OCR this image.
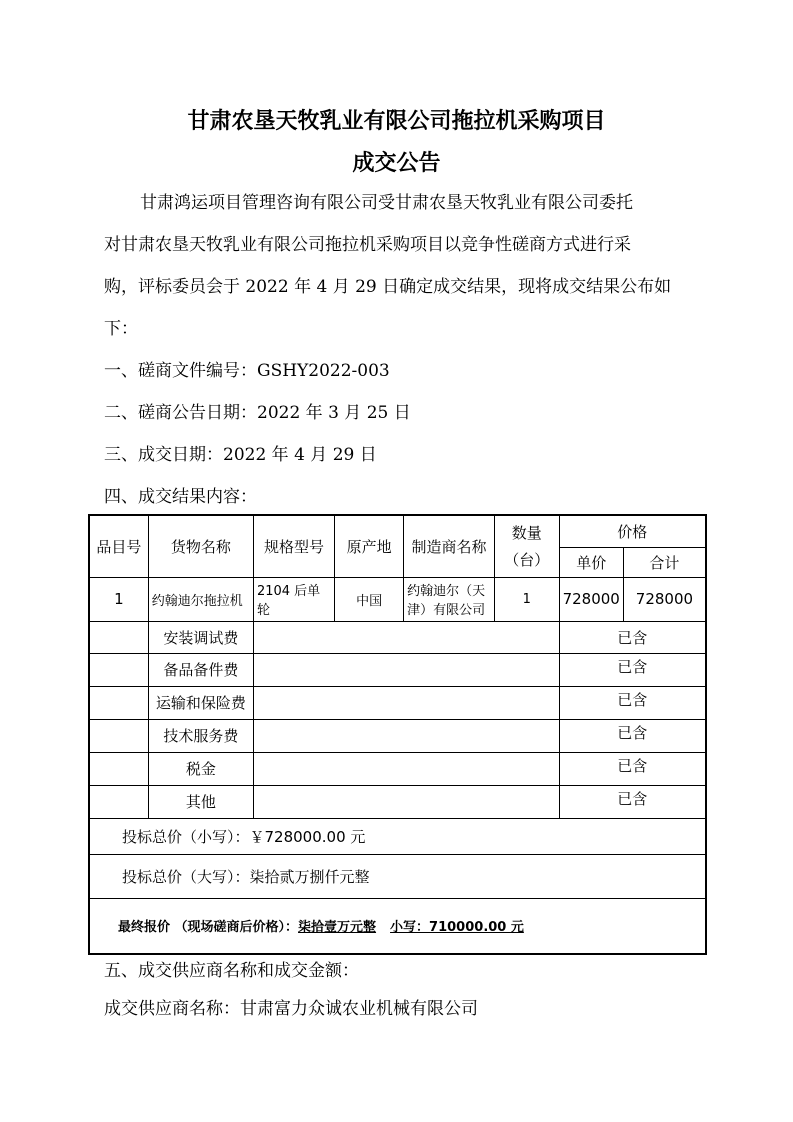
甘肃农垦天牧乳业有限公司拖拉机采购项目
成交公告
甘肃鸿运项目管理咨询有限公司受甘肃农垦天牧乳业有限公司委托
对甘肃农垦天牧乳业有限公司拖拉机采购项目以竞争性磋商方式进行采
购，评标委员会于 2022 年 4 月 29 日确定成交结果，现将成交结果公布如
下：
一、磋商文件编号：GSHY2022-003
二、磋商公告日期：2022 年 3 月 25 日
三、成交日期：2022 年 4 月 29 日
四、成交结果内容：
品目号	货物名称	规格型号	原产地	制造商名称	数量
（台）	价格	
						单价	合计
1	约翰迪尔拖拉机	2104 后单轮	中国	约翰迪尔（天
津）有限公司	1	728000	728000
	安装调试费					已含	
	备品备件费					已含	
	运输和保险费					已含	
	技术服务费					已含	
	税金					已含	
	其他					已含	
投标总价（小写）：￥728000.00 元							
投标总价（大写）：柒拾贰万捌仟元整							
最终报价 （现场磋商后价格）：柒拾壹万元整 小写：710000.00 元							
五、成交供应商名称和成交金额：
成交供应商名称：甘肃富力众诚农业机械有限公司
